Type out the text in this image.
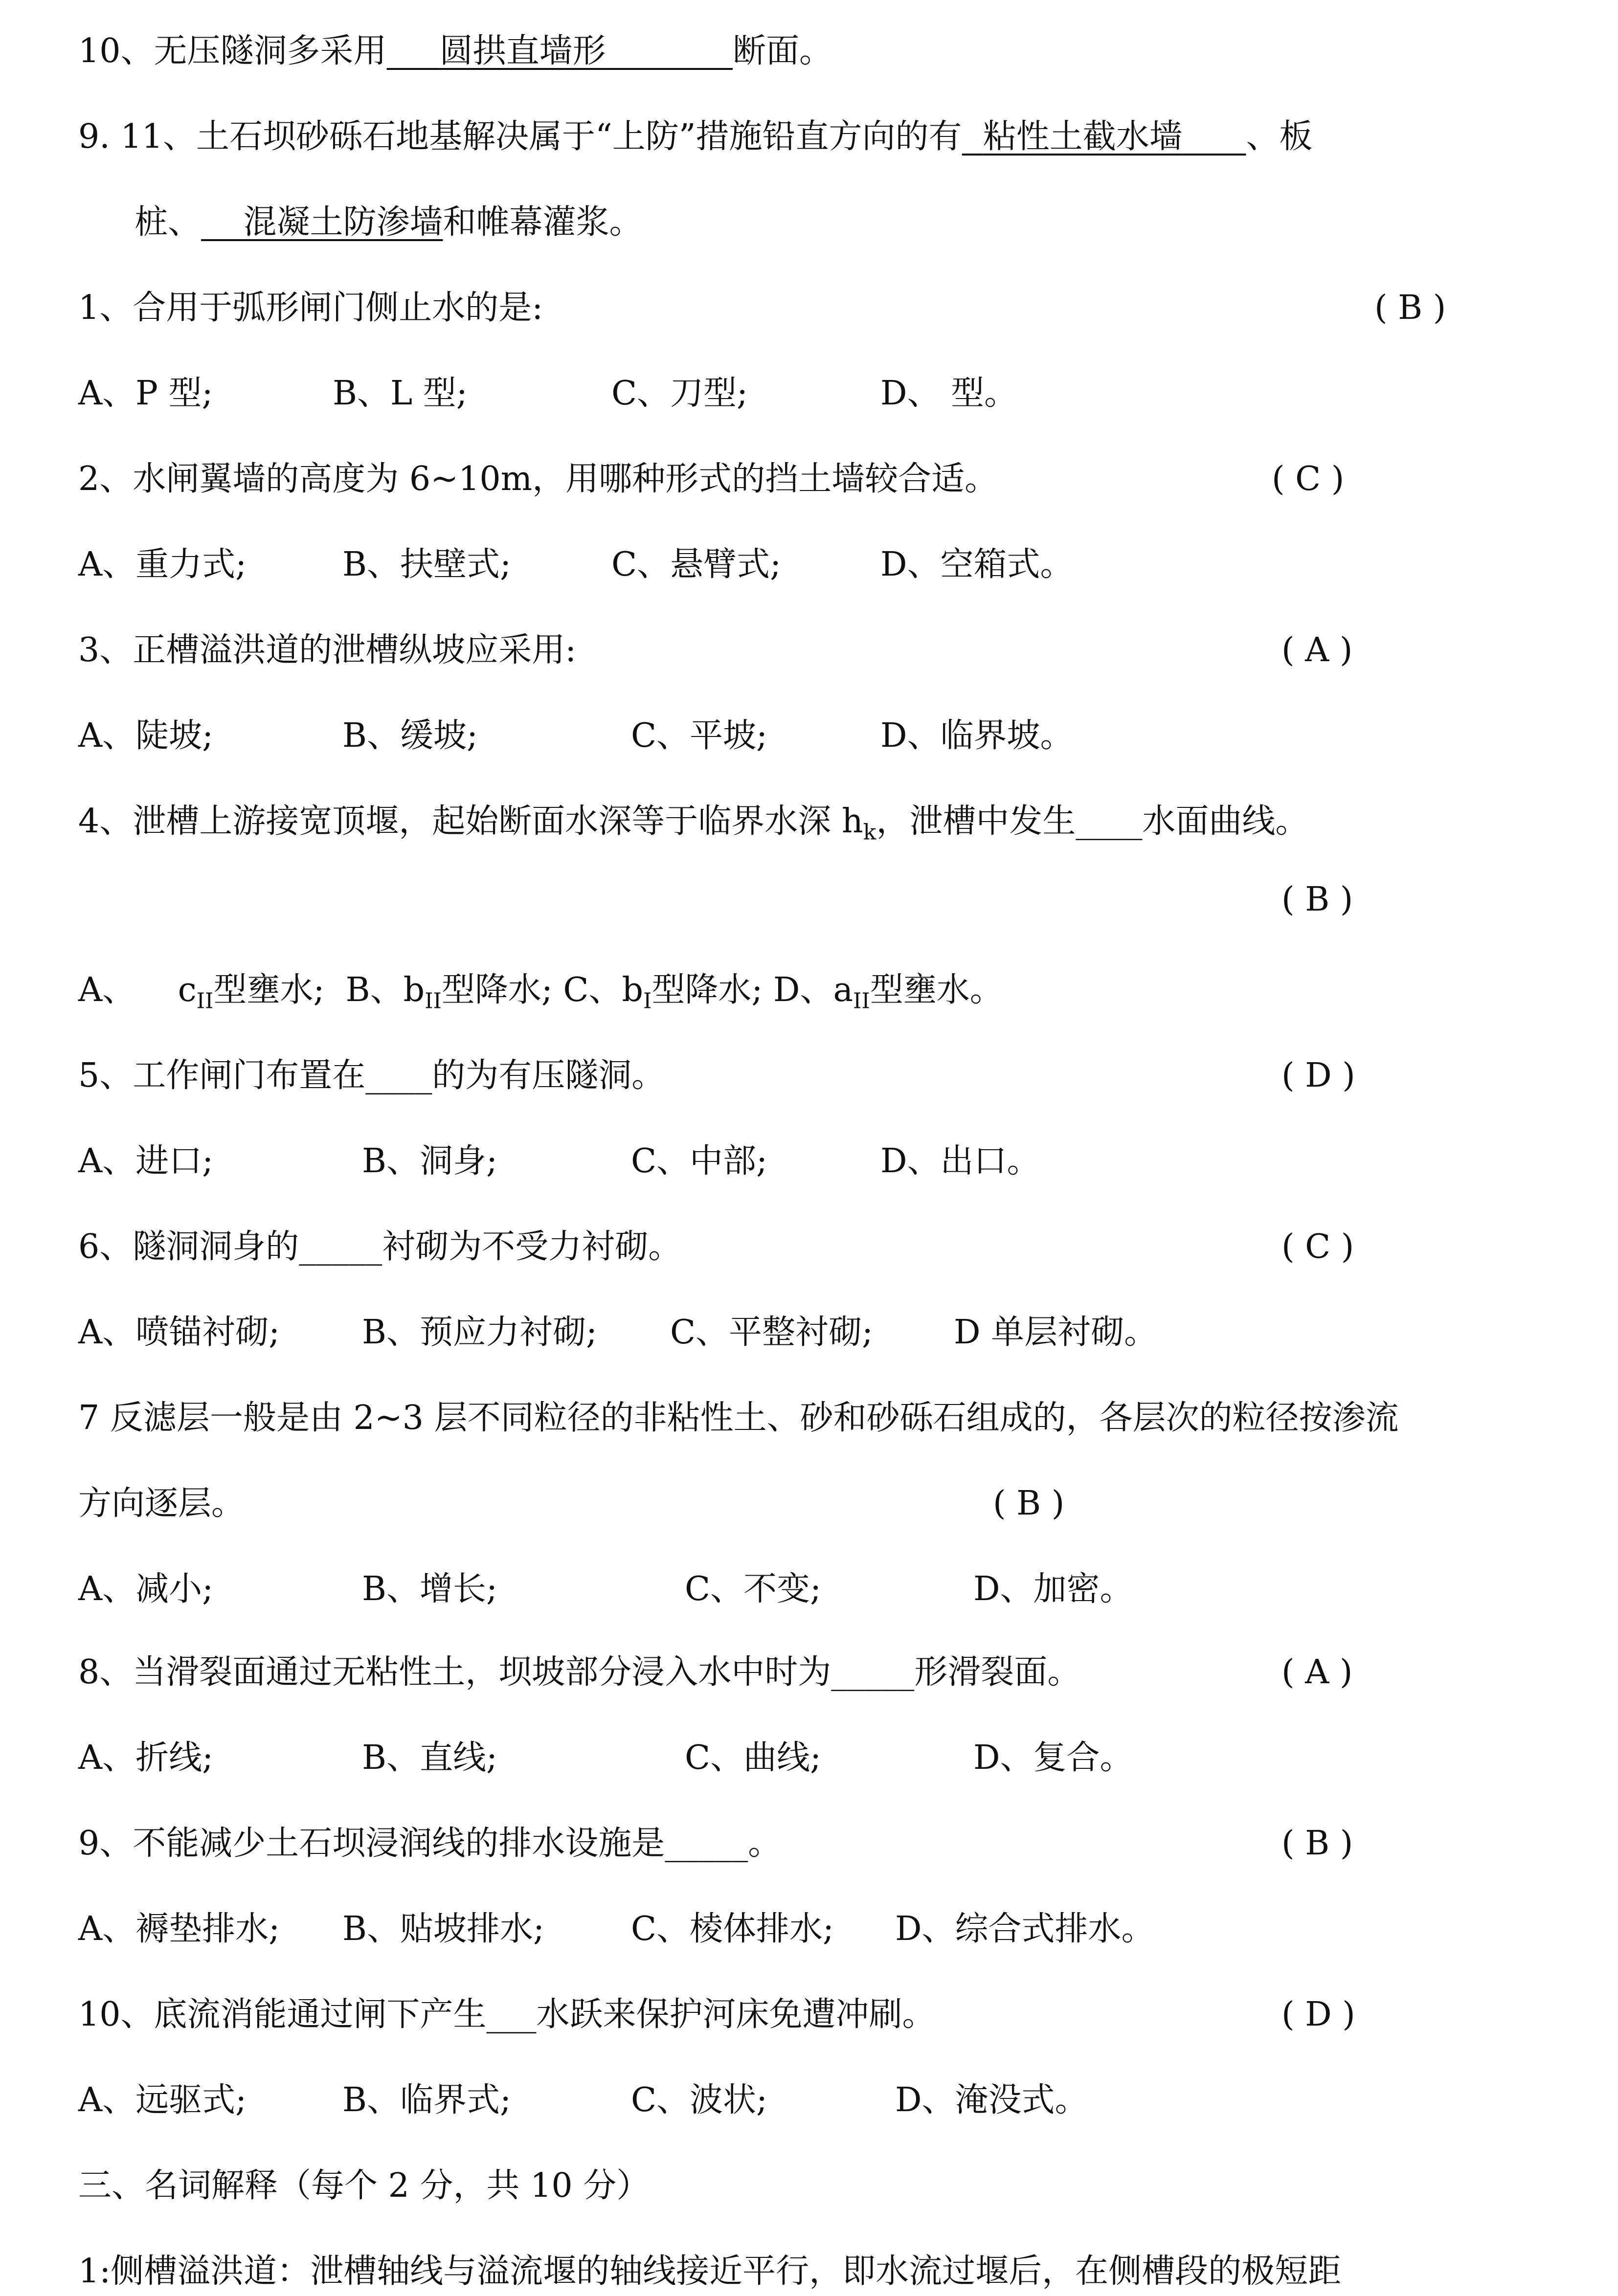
10、无压隧洞多采用 圆拱直墙形	断面。
9. 11、土石坝砂砾石地基解决属于“上防”措施铅直方向的有 粘性土截水墙 、板
桩、 混凝土防渗墙和帷幕灌浆。
1、合用于弧形闸门侧止水的是:	( B )
A、P 型;	B、L 型;	C、刀型;	D、 型。
2、水闸翼墙的高度为 6~10m，用哪种形式的挡土墙较合适。	( C )
A、重力式;	B、扶壁式;	C、悬臂式;	D、空箱式。
3、正槽溢洪道的泄槽纵坡应采用:	( A )
A、陡坡;	B、缓坡;	C、平坡;	D、临界坡。
4、泄槽上游接宽顶堰，起始断面水深等于临界水深 $h_k$，泄槽中发生____水面曲线。
( B )
A、 $c_{II}$型壅水; B、$b_{II}$型降水; C、$b_I$型降水; D、$a_{II}$型壅水。
5、工作闸门布置在____的为有压隧洞。	( D )
A、进口;	B、洞身;	C、中部;	D、出口。
6、隧洞洞身的_____衬砌为不受力衬砌。	( C )
A、喷锚衬砌; B、预应力衬砌; C、平整衬砌; D 单层衬砌。
7 反滤层一般是由 2~3 层不同粒径的非粘性土、砂和砂砾石组成的，各层次的粒径按渗流
方向逐层。	( B )
A、减小;	B、增长;	C、不变;	D、加密。
8、当滑裂面通过无粘性土，坝坡部分浸入水中时为_____形滑裂面。	( A )
A、折线;	B、直线;	C、曲线;	D、复合。
9、不能减少土石坝浸润线的排水设施是_____。	( B )
A、褥垫排水; B、贴坡排水;	C、棱体排水; D、综合式排水。
10、底流消能通过闸下产生___水跃来保护河床免遭冲刷。	( D )
A、远驱式;	B、临界式;	C、波状;	D、淹没式。
三、名词解释（每个 2 分，共 10 分）
1:侧槽溢洪道：泄槽轴线与溢流堰的轴线接近平行，即水流过堰后，在侧槽段的极短距
